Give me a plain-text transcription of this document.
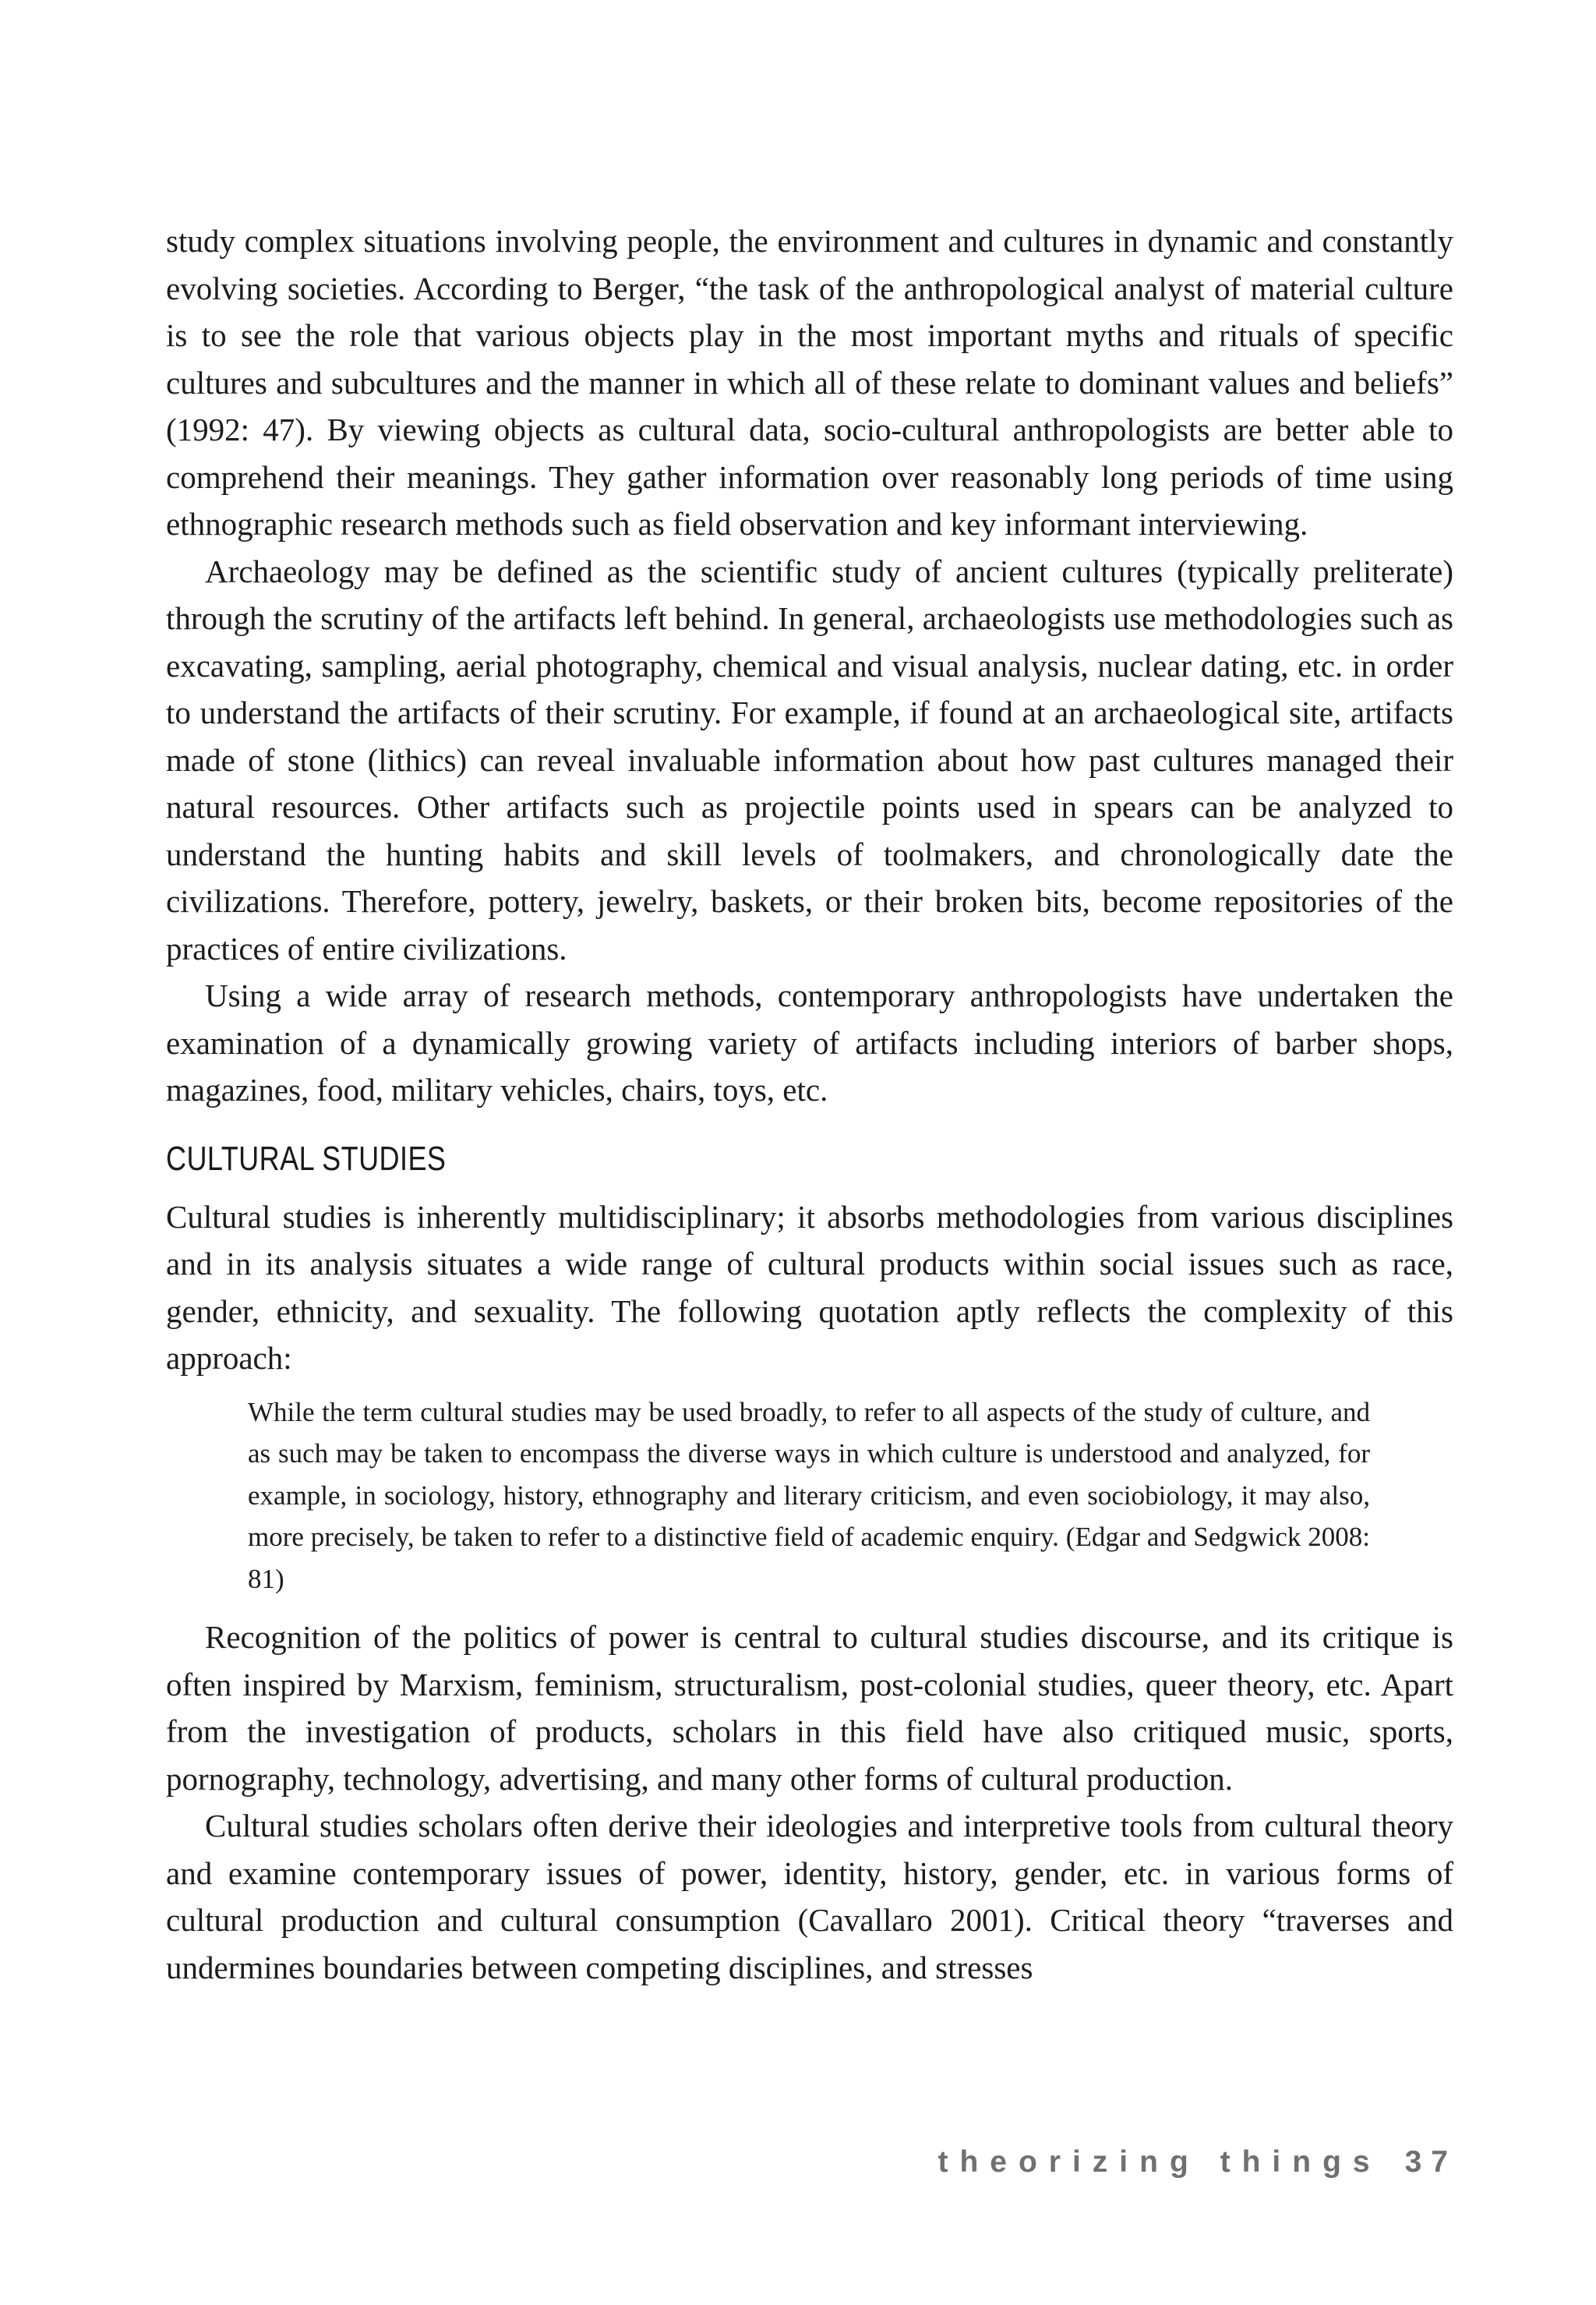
study complex situations involving people, the environment and cultures in dynamic and constantly evolving societies. According to Berger, “the task of the anthropological analyst of material culture is to see the role that various objects play in the most important myths and rituals of specific cultures and subcultures and the manner in which all of these relate to dominant values and beliefs” (1992: 47). By viewing objects as cultural data, socio-cultural anthropologists are better able to comprehend their meanings. They gather information over reasonably long periods of time using ethnographic research methods such as field observation and key informant interviewing.

Archaeology may be defined as the scientific study of ancient cultures (typically preliterate) through the scrutiny of the artifacts left behind. In general, archaeologists use methodologies such as excavating, sampling, aerial photography, chemical and visual analysis, nuclear dating, etc. in order to understand the artifacts of their scrutiny. For example, if found at an archaeological site, artifacts made of stone (lithics) can reveal invaluable information about how past cultures managed their natural resources. Other artifacts such as projectile points used in spears can be analyzed to understand the hunting habits and skill levels of toolmakers, and chronologically date the civilizations. Therefore, pottery, jewelry, baskets, or their broken bits, become repositories of the practices of entire civilizations.

Using a wide array of research methods, contemporary anthropologists have undertaken the examination of a dynamically growing variety of artifacts including interiors of barber shops, magazines, food, military vehicles, chairs, toys, etc.

CULTURAL STUDIES

Cultural studies is inherently multidisciplinary; it absorbs methodologies from various disciplines and in its analysis situates a wide range of cultural products within social issues such as race, gender, ethnicity, and sexuality. The following quotation aptly reflects the complexity of this approach:

While the term cultural studies may be used broadly, to refer to all aspects of the study of culture, and as such may be taken to encompass the diverse ways in which culture is understood and analyzed, for example, in sociology, history, ethnography and literary criticism, and even sociobiology, it may also, more precisely, be taken to refer to a distinctive field of academic enquiry. (Edgar and Sedgwick 2008: 81)

Recognition of the politics of power is central to cultural studies discourse, and its critique is often inspired by Marxism, feminism, structuralism, post-colonial studies, queer theory, etc. Apart from the investigation of products, scholars in this field have also critiqued music, sports, pornography, technology, advertising, and many other forms of cultural production.

Cultural studies scholars often derive their ideologies and interpretive tools from cultural theory and examine contemporary issues of power, identity, history, gender, etc. in various forms of cultural production and cultural consumption (Cavallaro 2001). Critical theory “traverses and undermines boundaries between competing disciplines, and stresses

theorizing things 37
